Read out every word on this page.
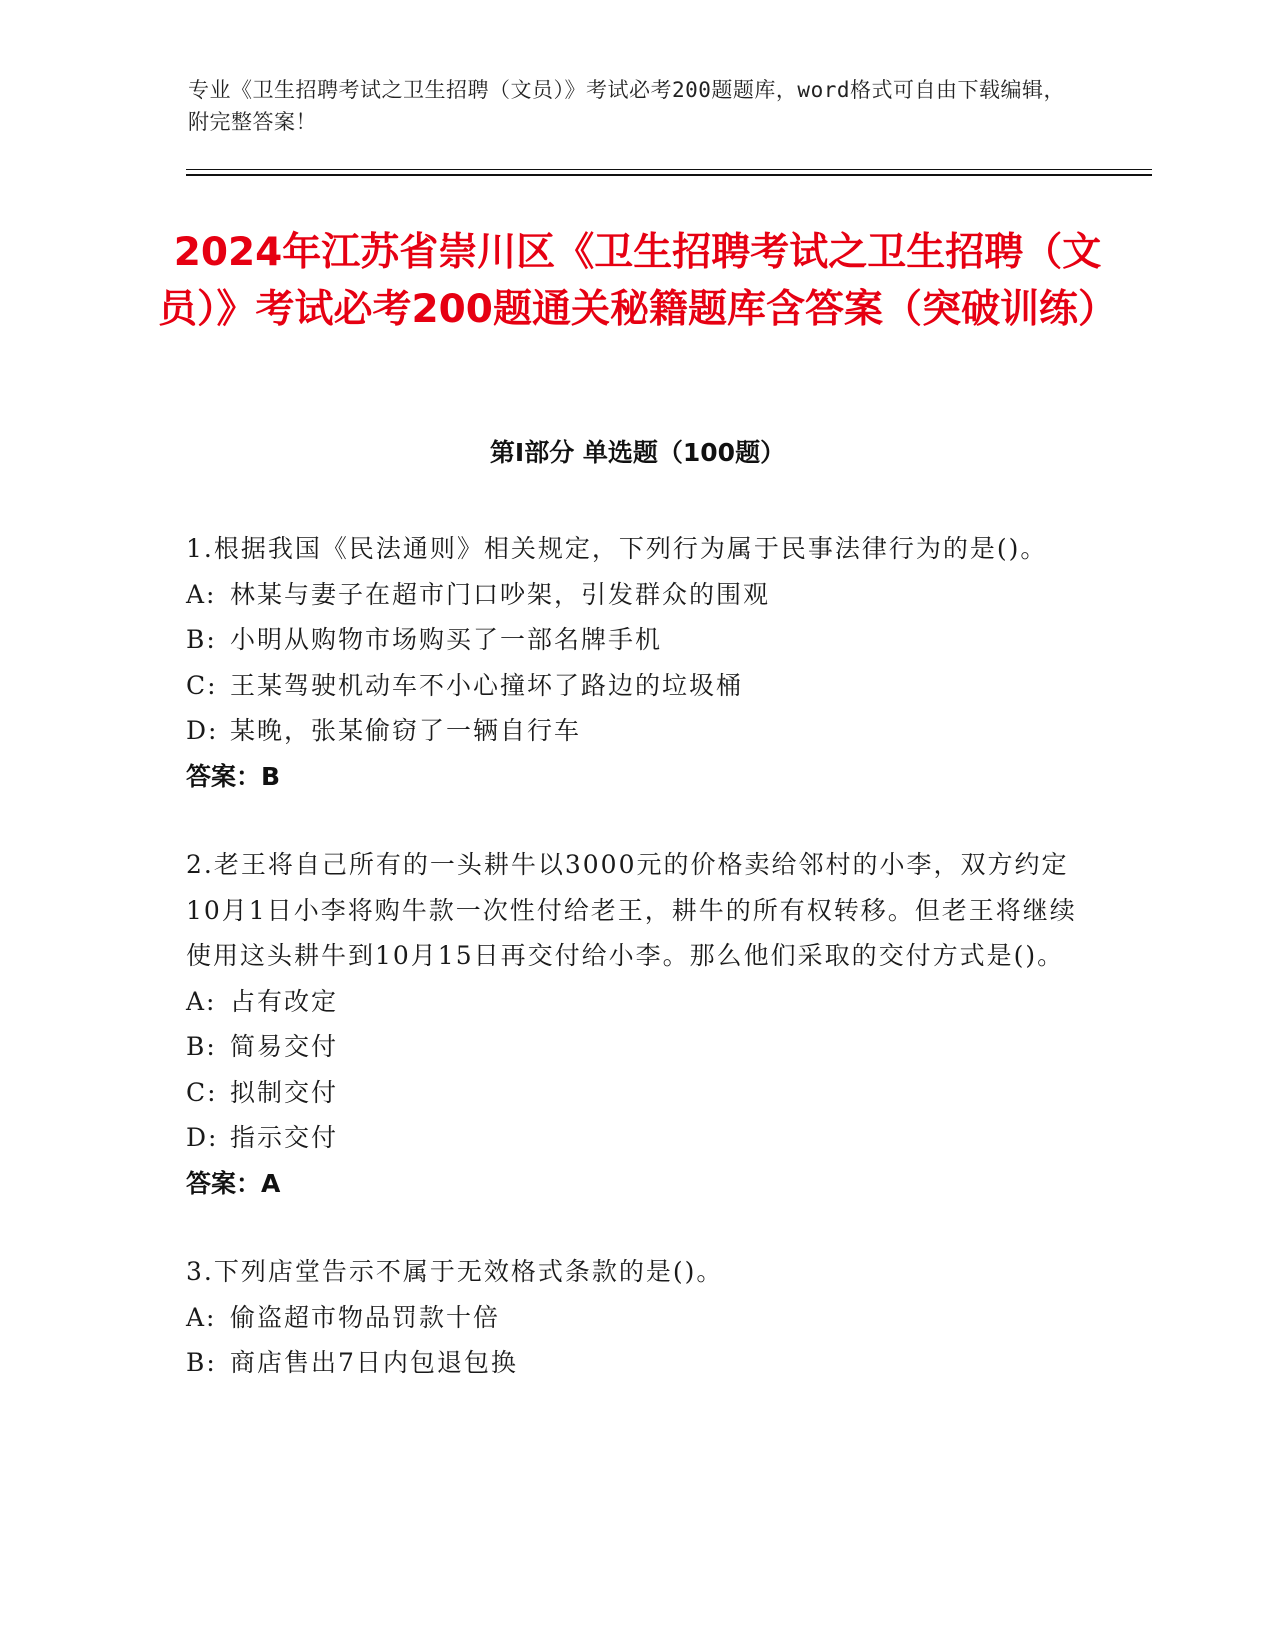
专业《卫生招聘考试之卫生招聘（文员）》考试必考200题题库，word格式可自由下载编辑，附完整答案！
2024年江苏省崇川区《卫生招聘考试之卫生招聘（文员）》考试必考200题通关秘籍题库含答案（突破训练）
第Ⅰ部分 单选题（100题）
1.根据我国《民法通则》相关规定，下列行为属于民事法律行为的是()。
A: 林某与妻子在超市门口吵架，引发群众的围观
B: 小明从购物市场购买了一部名牌手机
C: 王某驾驶机动车不小心撞坏了路边的垃圾桶
D: 某晚，张某偷窃了一辆自行车
答案：B
2.老王将自己所有的一头耕牛以3000元的价格卖给邻村的小李，双方约定10月1日小李将购牛款一次性付给老王，耕牛的所有权转移。但老王将继续使用这头耕牛到10月15日再交付给小李。那么他们采取的交付方式是()。
A: 占有改定
B: 简易交付
C: 拟制交付
D: 指示交付
答案：A
3.下列店堂告示不属于无效格式条款的是()。
A: 偷盗超市物品罚款十倍
B: 商店售出7日内包退包换
